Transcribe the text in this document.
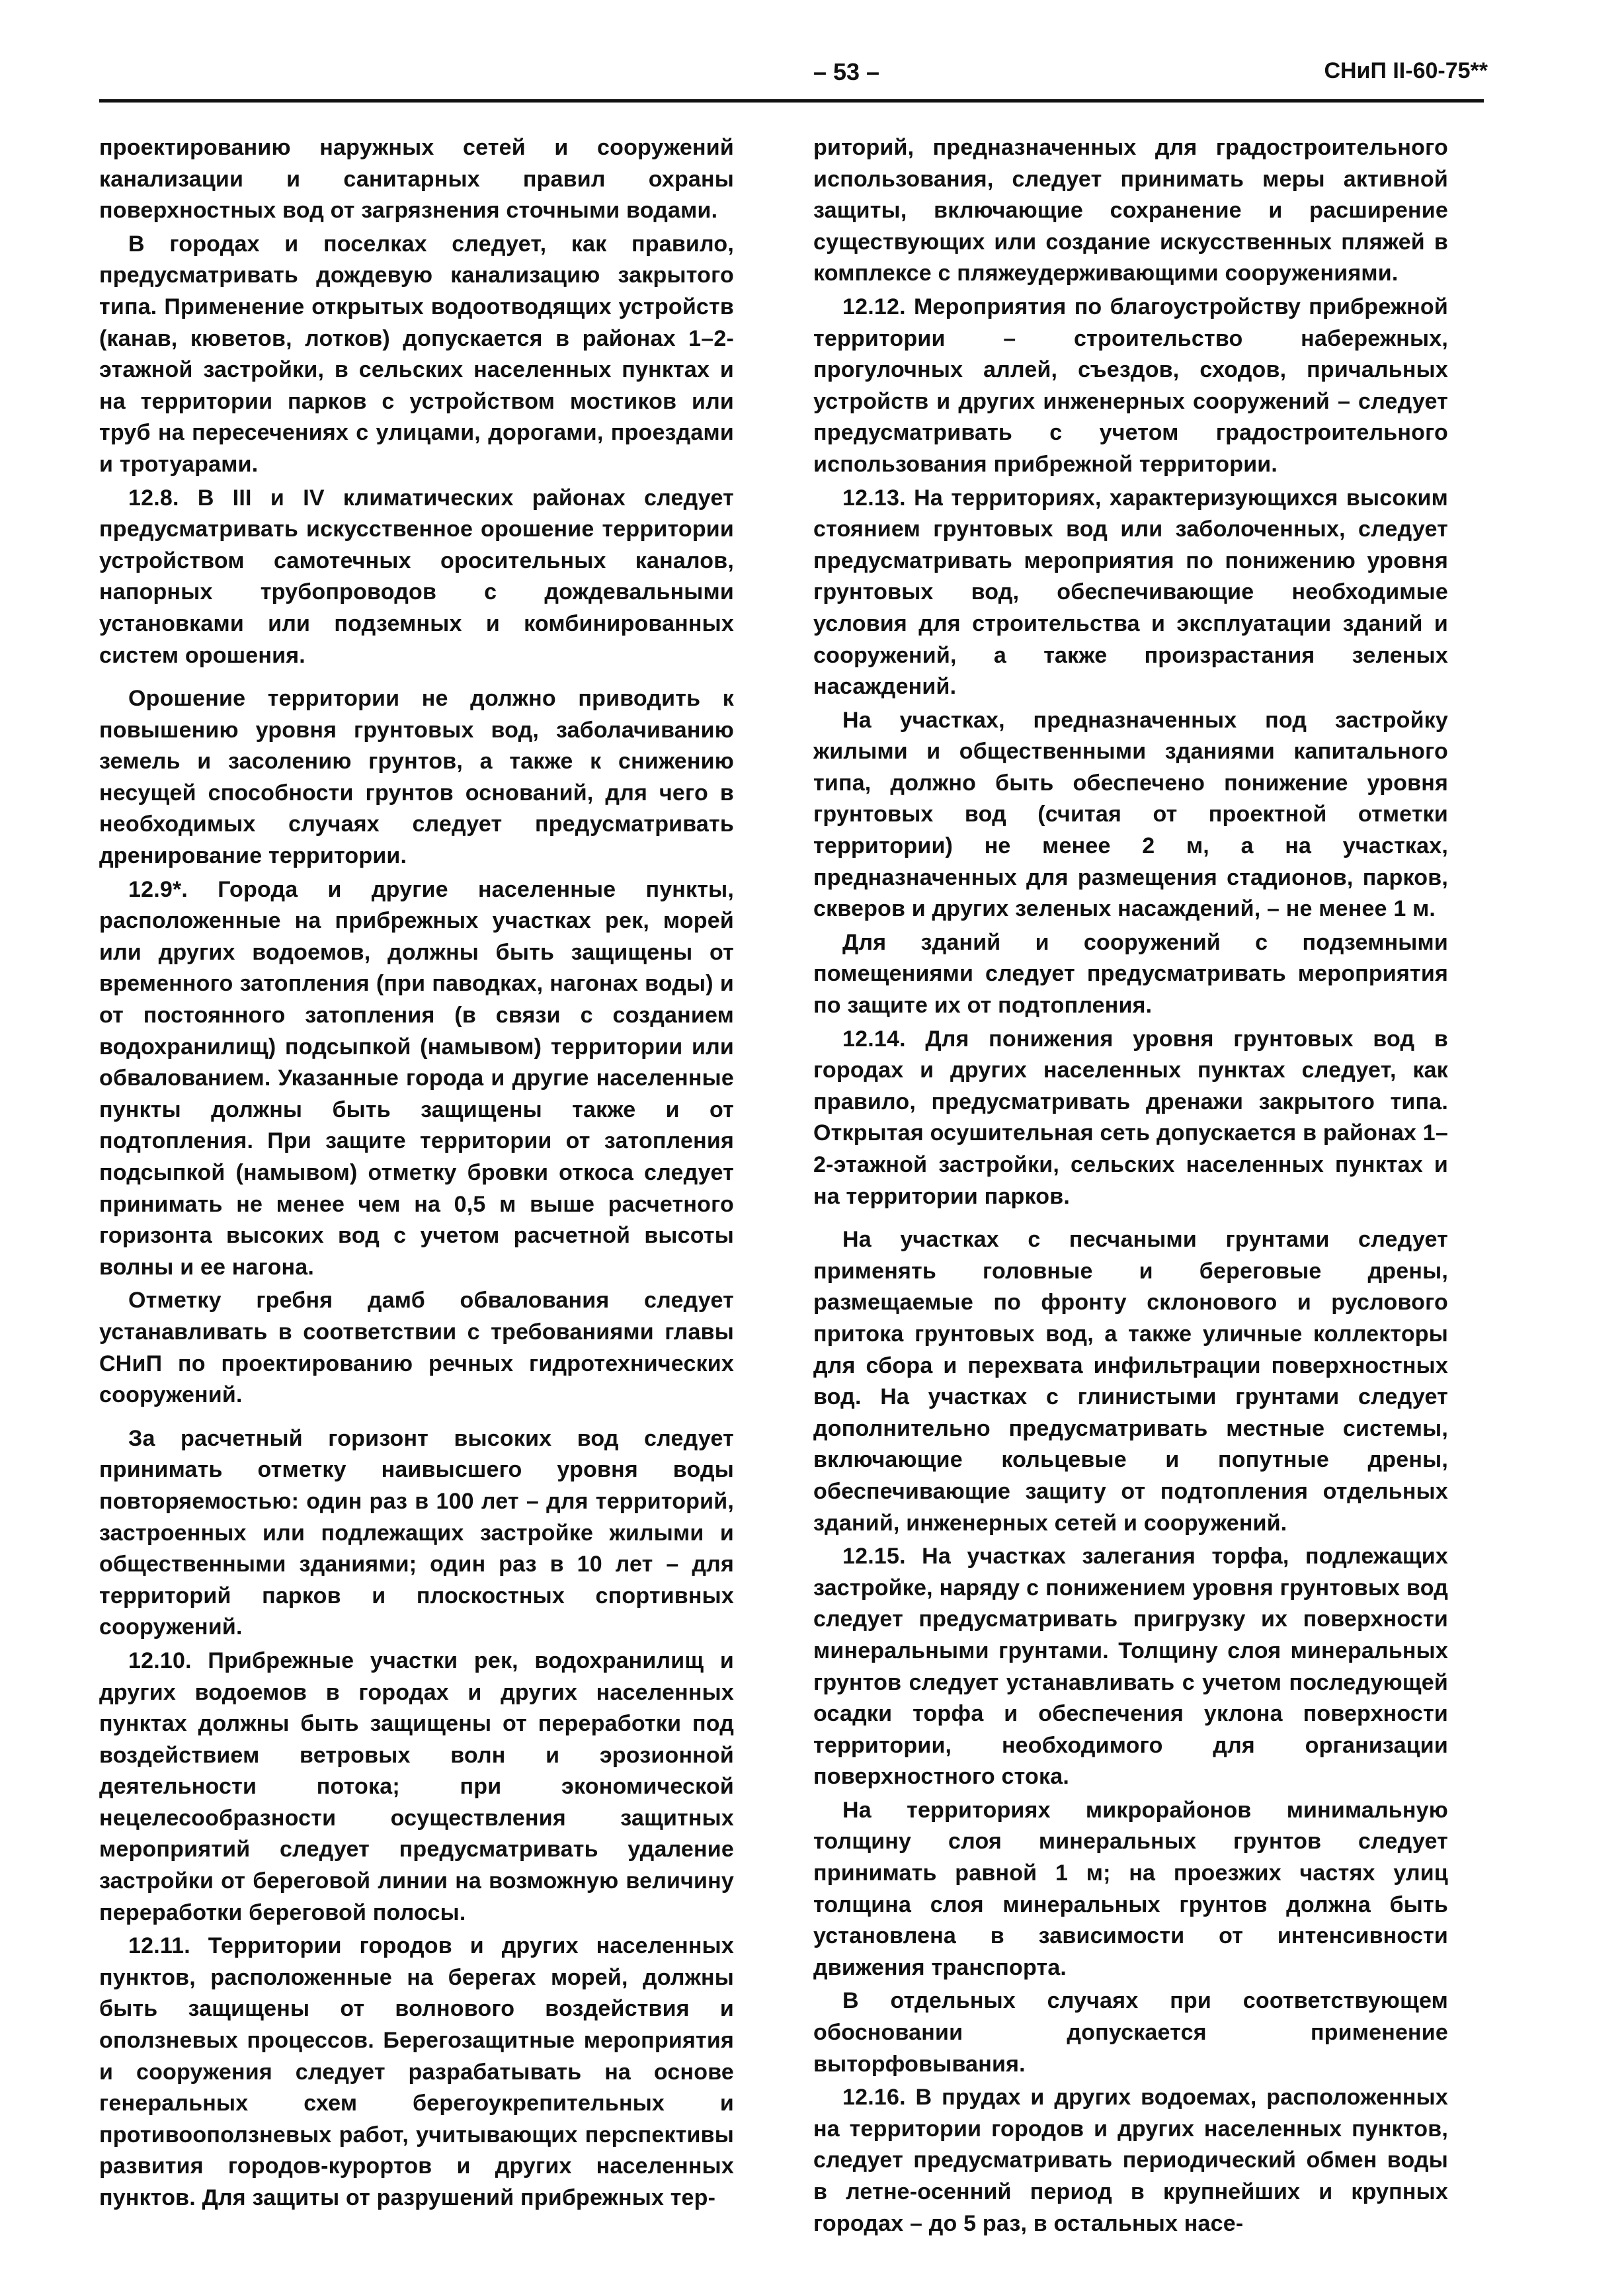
– 53 –	СНиП II-60-75**

проектированию наружных сетей и сооружений канализации и санитарных правил охраны поверхностных вод от загрязнения сточными водами.

В городах и поселках следует, как правило, предусматривать дождевую канализацию закрытого типа. Применение открытых водоотводящих устройств (канав, кюветов, лотков) допускается в районах 1–2-этажной застройки, в сельских населенных пунктах и на территории парков с устройством мостиков или труб на пересечениях с улицами, дорогами, проездами и тротуарами.

12.8. В III и IV климатических районах следует предусматривать искусственное орошение территории устройством самотечных оросительных каналов, напорных трубопроводов с дождевальными установками или подземных и комбинированных систем орошения.

Орошение территории не должно приводить к повышению уровня грунтовых вод, заболачиванию земель и засолению грунтов, а также к снижению несущей способности грунтов оснований, для чего в необходимых случаях следует предусматривать дренирование территории.

12.9*. Города и другие населенные пункты, расположенные на прибрежных участках рек, морей или других водоемов, должны быть защищены от временного затопления (при паводках, нагонах воды) и от постоянного затопления (в связи с созданием водохранилищ) подсыпкой (намывом) территории или обвалованием. Указанные города и другие населенные пункты должны быть защищены также и от подтопления. При защите территории от затопления подсыпкой (намывом) отметку бровки откоса следует принимать не менее чем на 0,5 м выше расчетного горизонта высоких вод с учетом расчетной высоты волны и ее нагона.

Отметку гребня дамб обвалования следует устанавливать в соответствии с требованиями главы СНиП по проектированию речных гидротехнических сооружений.

За расчетный горизонт высоких вод следует принимать отметку наивысшего уровня воды повторяемостью: один раз в 100 лет – для территорий, застроенных или подлежащих застройке жилыми и общественными зданиями; один раз в 10 лет – для территорий парков и плоскостных спортивных сооружений.

12.10. Прибрежные участки рек, водохранилищ и других водоемов в городах и других населенных пунктах должны быть защищены от переработки под воздействием ветровых волн и эрозионной деятельности потока; при экономической нецелесообразности осуществления защитных мероприятий следует предусматривать удаление застройки от береговой линии на возможную величину переработки береговой полосы.

12.11. Территории городов и других населенных пунктов, расположенные на берегах морей, должны быть защищены от волнового воздействия и оползневых процессов. Берегозащитные мероприятия и сооружения следует разрабатывать на основе генеральных схем берегоукрепительных и противооползневых работ, учитывающих перспективы развития городов-курортов и других населенных пунктов. Для защиты от разрушений прибрежных тер-

риторий, предназначенных для градостроительного использования, следует принимать меры активной защиты, включающие сохранение и расширение существующих или создание искусственных пляжей в комплексе с пляжеудерживающими сооружениями.

12.12. Мероприятия по благоустройству прибрежной территории – строительство набережных, прогулочных аллей, съездов, сходов, причальных устройств и других инженерных сооружений – следует предусматривать с учетом градостроительного использования прибрежной территории.

12.13. На территориях, характеризующихся высоким стоянием грунтовых вод или заболоченных, следует предусматривать мероприятия по понижению уровня грунтовых вод, обеспечивающие необходимые условия для строительства и эксплуатации зданий и сооружений, а также произрастания зеленых насаждений.

На участках, предназначенных под застройку жилыми и общественными зданиями капитального типа, должно быть обеспечено понижение уровня грунтовых вод (считая от проектной отметки территории) не менее 2 м, а на участках, предназначенных для размещения стадионов, парков, скверов и других зеленых насаждений, – не менее 1 м.

Для зданий и сооружений с подземными помещениями следует предусматривать мероприятия по защите их от подтопления.

12.14. Для понижения уровня грунтовых вод в городах и других населенных пунктах следует, как правило, предусматривать дренажи закрытого типа. Открытая осушительная сеть допускается в районах 1–2-этажной застройки, сельских населенных пунктах и на территории парков.

На участках с песчаными грунтами следует применять головные и береговые дрены, размещаемые по фронту склонового и руслового притока грунтовых вод, а также уличные коллекторы для сбора и перехвата инфильтрации поверхностных вод. На участках с глинистыми грунтами следует дополнительно предусматривать местные системы, включающие кольцевые и попутные дрены, обеспечивающие защиту от подтопления отдельных зданий, инженерных сетей и сооружений.

12.15. На участках залегания торфа, подлежащих застройке, наряду с понижением уровня грунтовых вод следует предусматривать пригрузку их поверхности минеральными грунтами. Толщину слоя минеральных грунтов следует устанавливать с учетом последующей осадки торфа и обеспечения уклона поверхности территории, необходимого для организации поверхностного стока.

На территориях микрорайонов минимальную толщину слоя минеральных грунтов следует принимать равной 1 м; на проезжих частях улиц толщина слоя минеральных грунтов должна быть установлена в зависимости от интенсивности движения транспорта.

В отдельных случаях при соответствующем обосновании допускается применение выторфовывания.

12.16. В прудах и других водоемах, расположенных на территории городов и других населенных пунктов, следует предусматривать периодический обмен воды в летне-осенний период в крупнейших и крупных городах – до 5 раз, в остальных насе-
